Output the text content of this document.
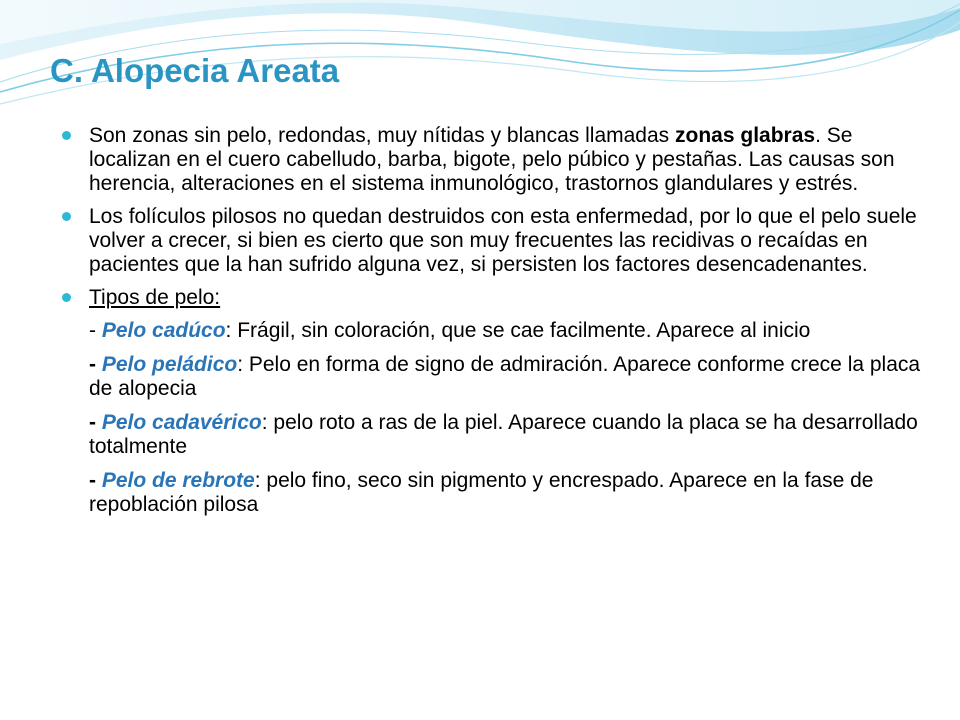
C. Alopecia Areata
Son zonas sin pelo, redondas, muy nítidas y blancas llamadas zonas glabras. Se localizan en el cuero cabelludo, barba, bigote, pelo púbico y pestañas. Las causas son herencia, alteraciones en el sistema inmunológico, trastornos glandulares y estrés.
Los folículos pilosos no quedan destruidos con esta enfermedad, por lo que el pelo suele volver a crecer, si bien es cierto que son muy frecuentes las recidivas o recaídas en pacientes que la han sufrido alguna vez, si persisten los factores desencadenantes.
Tipos de pelo:
- Pelo cadúco: Frágil, sin coloración, que se cae facilmente. Aparece al inicio
- Pelo peládico: Pelo en forma de signo de admiración. Aparece conforme crece la placa de alopecia
- Pelo cadavérico: pelo roto a ras de la piel. Aparece cuando la placa se ha desarrollado totalmente
- Pelo de rebrote: pelo fino, seco sin pigmento y encrespado. Aparece en la fase de repoblación pilosa
